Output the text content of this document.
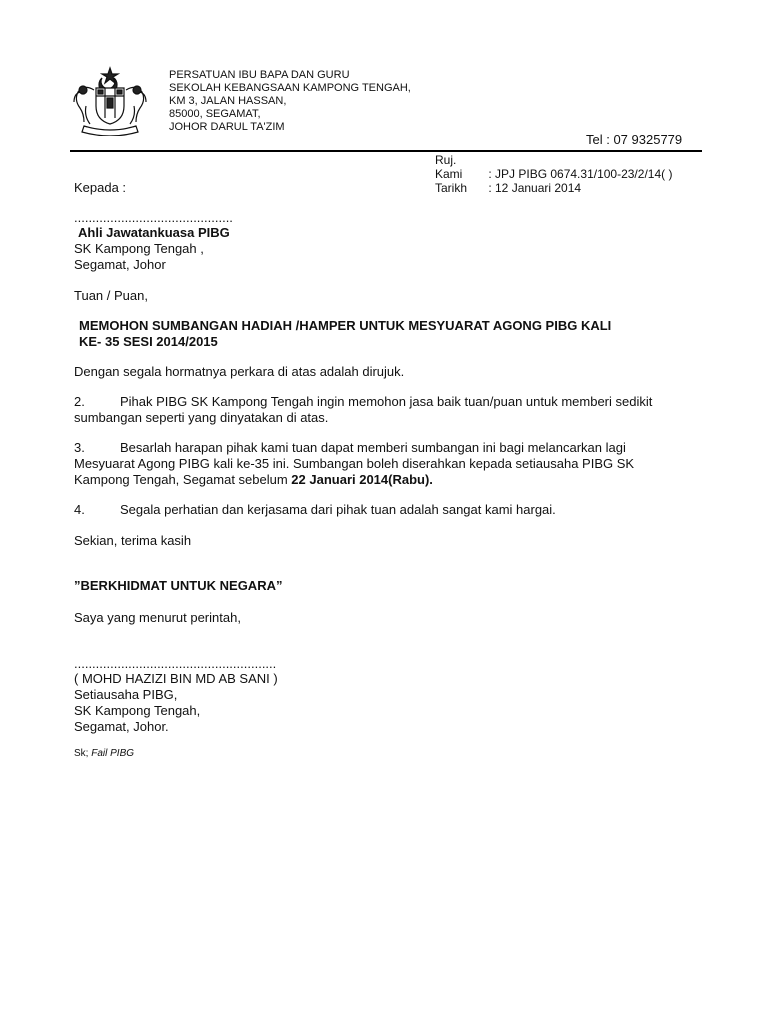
PERSATUAN IBU BAPA DAN GURU
SEKOLAH KEBANGSAAN KAMPONG TENGAH,
KM 3, JALAN HASSAN,
85000, SEGAMAT,
JOHOR DARUL TA'ZIM
Tel : 07 9325779
Ruj. Kami : JPJ PIBG 0674.31/100-23/2/14( )
Tarikh : 12 Januari 2014
Kepada :
............................................
Ahli Jawatankuasa PIBG
SK Kampong Tengah ,
Segamat, Johor
Tuan / Puan,
MEMOHON SUMBANGAN HADIAH /HAMPER UNTUK MESYUARAT AGONG PIBG KALI
KE- 35 SESI 2014/2015
Dengan segala hormatnya perkara di atas adalah dirujuk.
2.	Pihak PIBG SK Kampong Tengah ingin memohon jasa baik tuan/puan untuk memberi sedikit
sumbangan seperti yang dinyatakan di atas.
3.	Besarlah harapan pihak kami tuan dapat memberi sumbangan ini bagi melancarkan lagi
Mesyuarat Agong PIBG kali ke-35 ini. Sumbangan boleh diserahkan kepada setiausaha PIBG SK
Kampong Tengah, Segamat sebelum 22 Januari 2014(Rabu).
4.	Segala perhatian dan kerjasama dari pihak tuan adalah sangat kami hargai.
Sekian, terima kasih
”BERKHIDMAT UNTUK NEGARA”
Saya yang menurut perintah,
........................................................
( MOHD HAZIZI BIN MD AB SANI )
Setiausaha PIBG,
SK Kampong Tengah,
Segamat, Johor.
Sk; Fail PIBG
